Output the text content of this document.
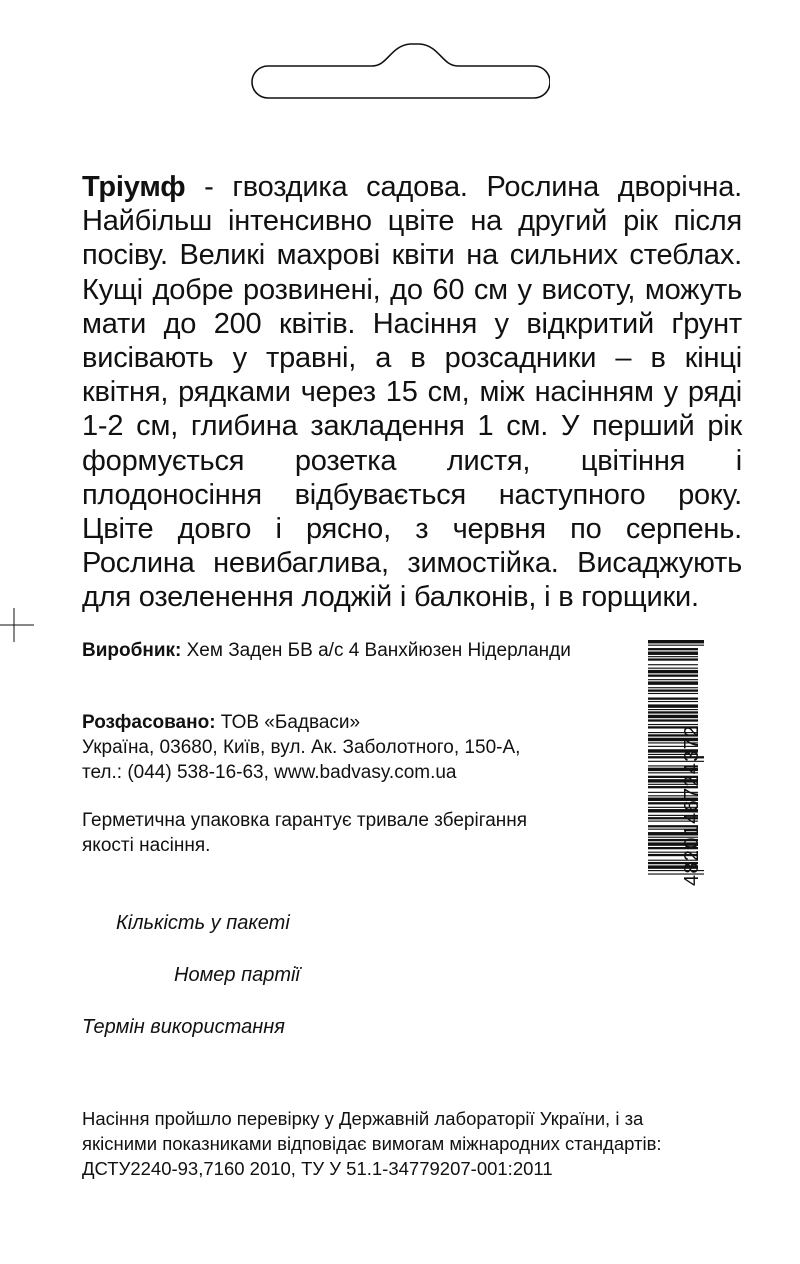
Тріумф - гвоздика садова. Рослина дворічна. Найбільш інтенсивно цвіте на другий рік після посіву. Великі махрові квіти на сильних стеблах. Кущі добре розвинені, до 60 см у висоту, можуть мати до 200 квітів. Насіння у відкритий ґрунт висівають у травні, а в розсадники – в кінці квітня, рядками через 15 см, між насінням у ряді 1-2 см, глибина закладення 1 см. У перший рік формується розетка листя, цвітіння і плодоносіння відбувається наступного року. Цвіте довго і рясно, з червня по серпень. Рослина невибаглива, зимостійка. Висаджують для озеленення лоджій і балконів, і в горщики.

Виробник: Хем Заден БВ а/с 4 Ванхйюзен Нідерланди

Розфасовано: ТОВ «Бадваси»
Україна, 03680, Київ, вул. Ак. Заболотного, 150-А,
тел.: (044) 538-16-63, www.badvasy.com.ua

Герметична упаковка гарантує тривале зберігання якості насіння.

Кількість у пакеті

Номер партії

Термін використання

Насіння пройшло перевірку у Державній лабораторії України, і за
якісними показниками відповідає вимогам міжнародних стандартів:
ДСТУ2240-93,7160 2010, ТУ У 51.1-34779207-001:2011

4820146724372
